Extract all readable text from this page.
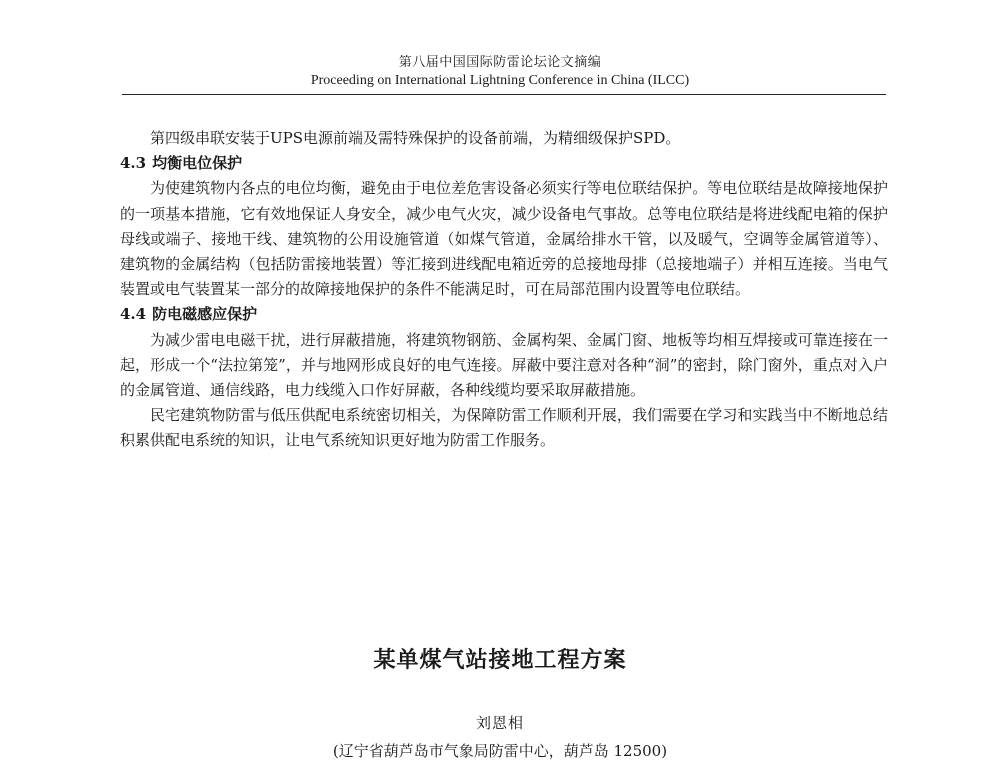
第八届中国国际防雷论坛论文摘编
Proceeding on International Lightning Conference in China (ILCC)

第四级串联安装于UPS电源前端及需特殊保护的设备前端，为精细级保护SPD。

4.3 均衡电位保护

为使建筑物内各点的电位均衡，避免由于电位差危害设备必须实行等电位联结保护。等电位联结是故障接地保护的一项基本措施，它有效地保证人身安全，减少电气火灾，减少设备电气事故。总等电位联结是将进线配电箱的保护母线或端子、接地干线、建筑物的公用设施管道（如煤气管道，金属给排水干管，以及暖气，空调等金属管道等）、建筑物的金属结构（包括防雷接地装置）等汇接到进线配电箱近旁的总接地母排（总接地端子）并相互连接。当电气装置或电气装置某一部分的故障接地保护的条件不能满足时，可在局部范围内设置等电位联结。

4.4 防电磁感应保护

为减少雷电电磁干扰，进行屏蔽措施，将建筑物钢筋、金属构架、金属门窗、地板等均相互焊接或可靠连接在一起，形成一个“法拉第笼”，并与地网形成良好的电气连接。屏蔽中要注意对各种“洞”的密封，除门窗外，重点对入户的金属管道、通信线路，电力线缆入口作好屏蔽，各种线缆均要采取屏蔽措施。

民宅建筑物防雷与低压供配电系统密切相关，为保障防雷工作顺利开展，我们需要在学习和实践当中不断地总结积累供配电系统的知识，让电气系统知识更好地为防雷工作服务。

某单煤气站接地工程方案
刘恩相
(辽宁省葫芦岛市气象局防雷中心，葫芦岛 12500)
